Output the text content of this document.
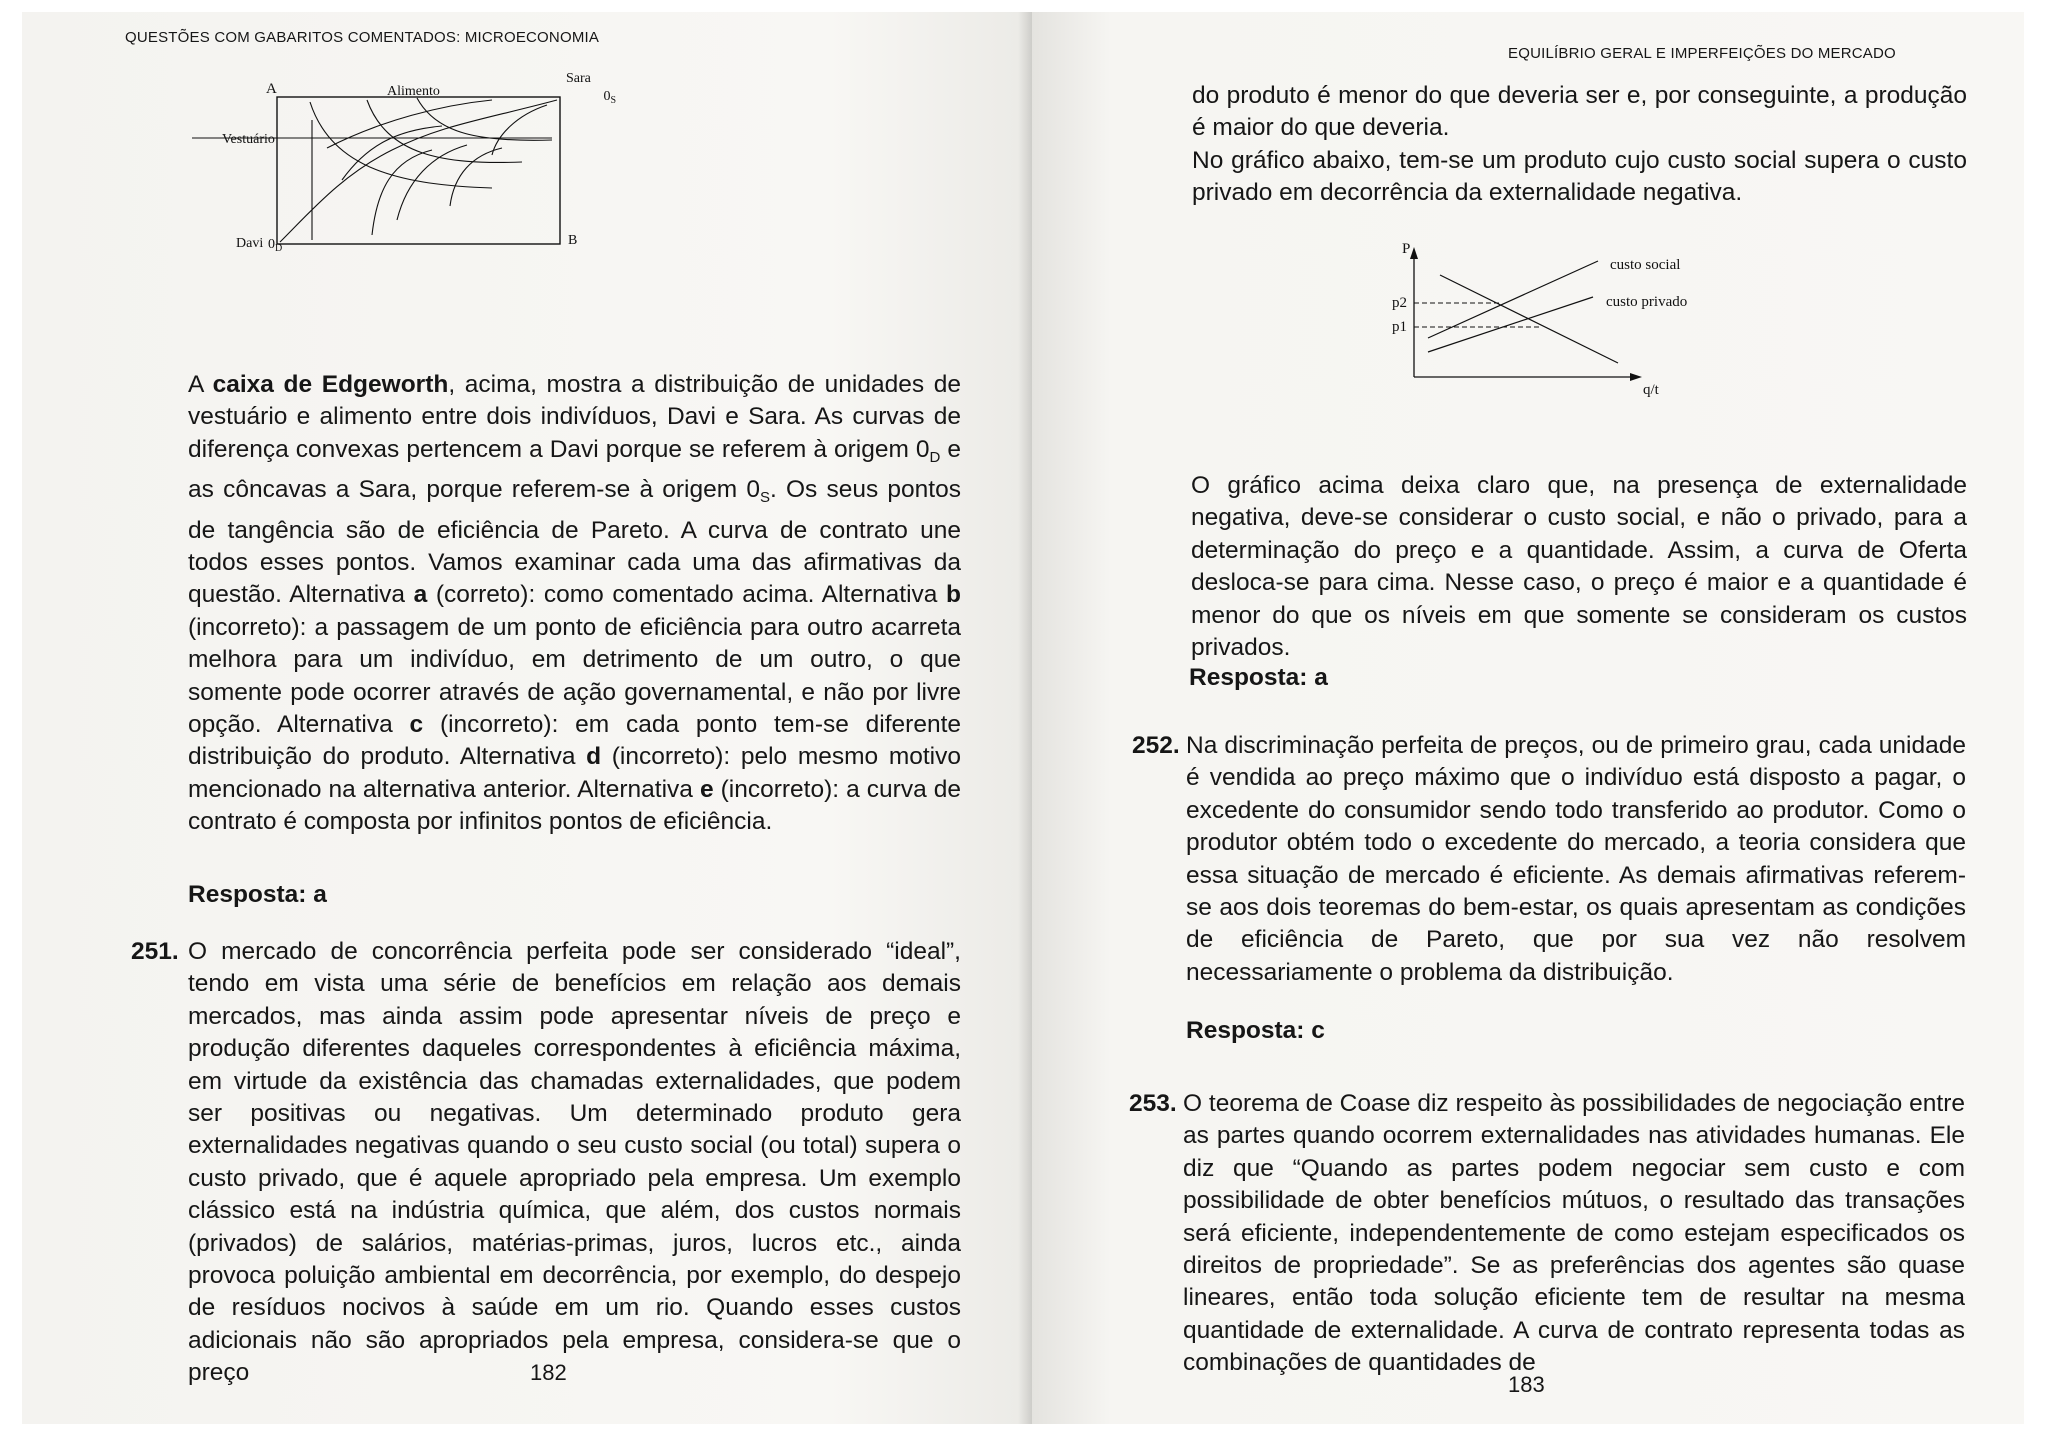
QUESTÕES COM GABARITOS COMENTADOS: MICROECONOMIA
A	Alimento
Sara
$0_S$
Vestuário
Davi $0_D$
B

A caixa de Edgeworth, acima, mostra a distribuição de unidades de vestuário e alimento entre dois indivíduos, Davi e Sara. As curvas de diferença convexas pertencem a Davi porque se referem à origem $0_D$ e as côncavas a Sara, porque referem-se à origem $0_S$. Os seus pontos de tangência são de eficiência de Pareto. A curva de contrato une todos esses pontos. Vamos examinar cada uma das afirmativas da questão. Alternativa a (correto): como comentado acima. Alternativa b (incorreto): a passagem de um ponto de eficiência para outro acarreta melhora para um indivíduo, em detrimento de um outro, o que somente pode ocorrer através de ação governamental, e não por livre opção. Alternativa c (incorreto): em cada ponto tem-se diferente distribuição do produto. Alternativa d (incorreto): pelo mesmo motivo mencionado na alternativa anterior. Alternativa e (incorreto): a curva de contrato é composta por infinitos pontos de eficiência.

Resposta: a
251. O mercado de concorrência perfeita pode ser considerado “ideal”, tendo em vista uma série de benefícios em relação aos demais mercados, mas ainda assim pode apresentar níveis de preço e produção diferentes daqueles correspondentes à eficiência máxima, em virtude da existência das chamadas externalidades, que podem ser positivas ou negativas. Um determinado produto gera externalidades negativas quando o seu custo social (ou total) supera o custo privado, que é aquele apropriado pela empresa. Um exemplo clássico está na indústria química, que além, dos custos normais (privados) de salários, matérias-primas, juros, lucros etc., ainda provoca poluição ambiental em decorrência, por exemplo, do despejo de resíduos nocivos à saúde em um rio. Quando esses custos adicionais não são apropriados pela empresa, considera-se que o preço	182
EQUILÍBRIO GERAL E IMPERFEIÇÕES DO MERCADO

do produto é menor do que deveria ser e, por conseguinte, a produção é maior do que deveria.

No gráfico abaixo, tem-se um produto cujo custo social supera o custo privado em decorrência da externalidade negativa.

P
p2
p1
custo social
custo privado
q/t

O gráfico acima deixa claro que, na presença de externalidade negativa, deve-se considerar o custo social, e não o privado, para a determinação do preço e a quantidade. Assim, a curva de Oferta desloca-se para cima. Nesse caso, o preço é maior e a quantidade é menor do que os níveis em que somente se consideram os custos privados.

Resposta: a
252. Na discriminação perfeita de preços, ou de primeiro grau, cada unidade é vendida ao preço máximo que o indivíduo está disposto a pagar, o excedente do consumidor sendo todo transferido ao produtor. Como o produtor obtém todo o excedente do mercado, a teoria considera que essa situação de mercado é eficiente. As demais afirmativas referem-se aos dois teoremas do bem-estar, os quais apresentam as condições de eficiência de Pareto, que por sua vez não resolvem necessariamente o problema da distribuição.
Resposta: c
253. O teorema de Coase diz respeito às possibilidades de negociação entre as partes quando ocorrem externalidades nas atividades humanas. Ele diz que “Quando as partes podem negociar sem custo e com possibilidade de obter benefícios mútuos, o resultado das transações será eficiente, independentemente de como estejam especificados os direitos de propriedade”. Se as preferências dos agentes são quase lineares, então toda solução eficiente tem de resultar na mesma quantidade de externalidade. A curva de contrato representa todas as combinações de quantidades de
183
